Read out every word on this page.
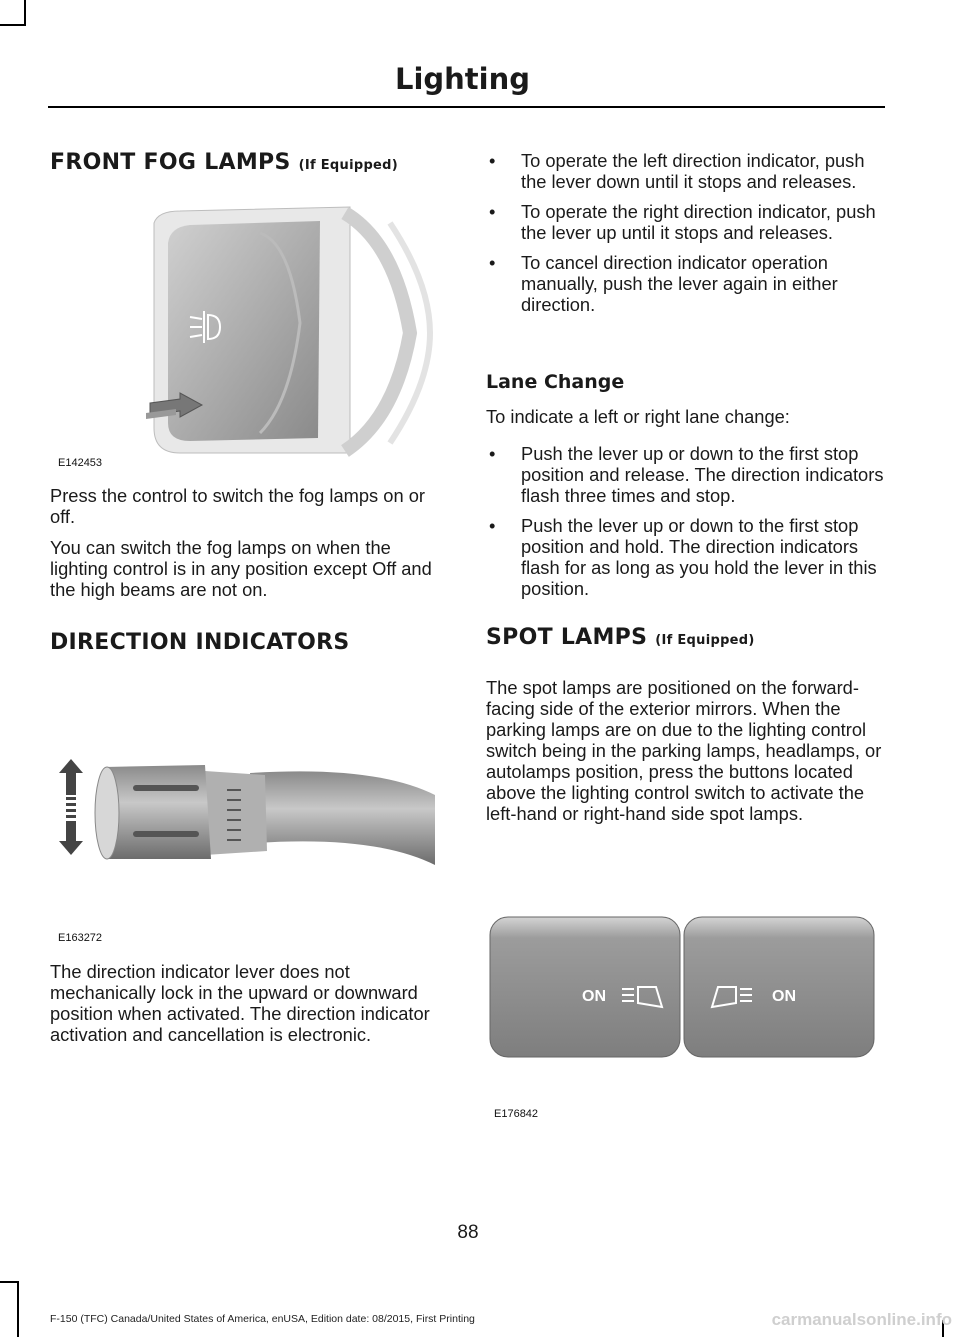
Lighting
FRONT FOG LAMPS (If Equipped)
E142453

Press the control to switch the fog lamps on or off.

You can switch the fog lamps on when the lighting control is in any position except Off and the high beams are not on.

DIRECTION INDICATORS
E163272

The direction indicator lever does not mechanically lock in the upward or downward position when activated. The direction indicator activation and cancellation is electronic.

• To operate the left direction indicator, push the lever down until it stops and releases.
• To operate the right direction indicator, push the lever up until it stops and releases.
• To cancel direction indicator operation manually, push the lever again in either direction.
Lane Change

To indicate a left or right lane change:

• Push the lever up or down to the first stop position and release. The direction indicators flash three times and stop.
• Push the lever up or down to the first stop position and hold. The direction indicators flash for as long as you hold the lever in this position.
SPOT LAMPS (If Equipped)

The spot lamps are positioned on the forward-facing side of the exterior mirrors. When the parking lamps are on due to the lighting control switch being in the parking lamps, headlamps, or autolamps position, press the buttons located above the lighting control switch to activate the left-hand or right-hand side spot lamps.

ON	ON
E176842
88
F-150 (TFC) Canada/United States of America, enUSA, Edition date: 08/2015, First Printing	carmanualsonline.info
